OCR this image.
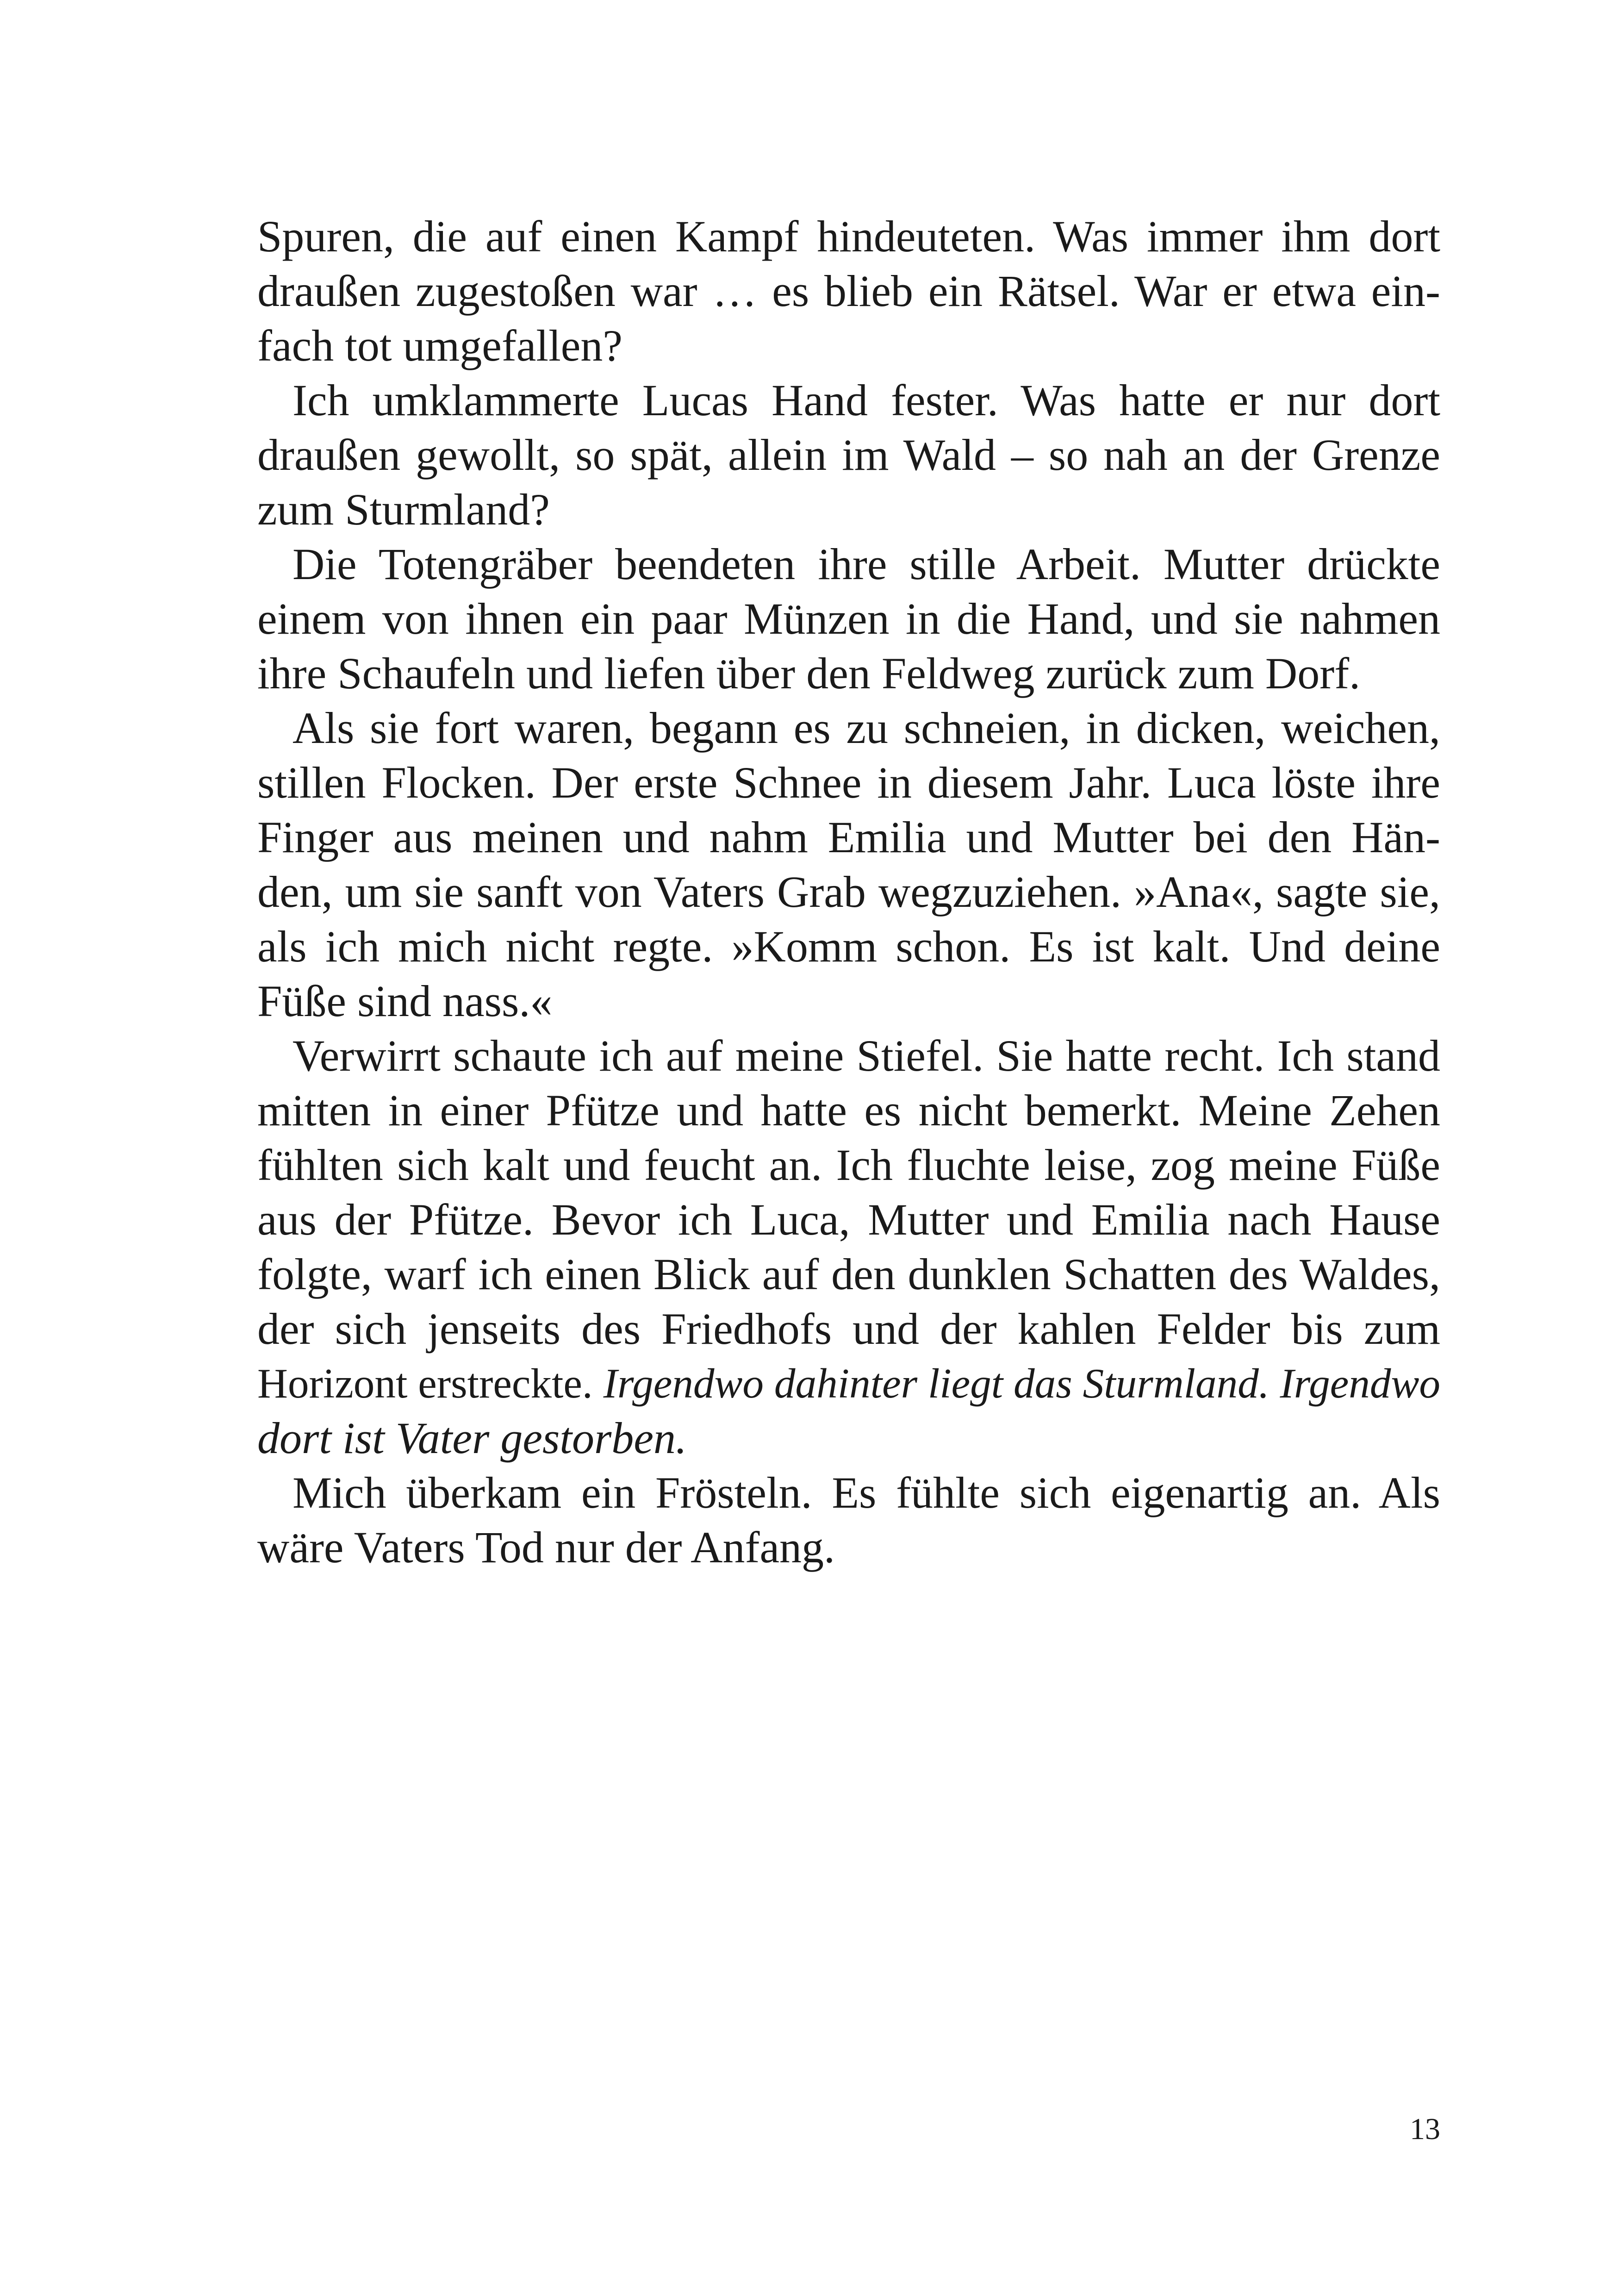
Spuren, die auf einen Kampf hindeuteten. Was immer ihm dort
draußen zugestoßen war … es blieb ein Rätsel. War er etwa ein-
fach tot umgefallen?

Ich umklammerte Lucas Hand fester. Was hatte er nur dort
draußen gewollt, so spät, allein im Wald – so nah an der Grenze
zum Sturmland?

Die Totengräber beendeten ihre stille Arbeit. Mutter drückte
einem von ihnen ein paar Münzen in die Hand, und sie nahmen
ihre Schaufeln und liefen über den Feldweg zurück zum Dorf.

Als sie fort waren, begann es zu schneien, in dicken, weichen,
stillen Flocken. Der erste Schnee in diesem Jahr. Luca löste ihre
Finger aus meinen und nahm Emilia und Mutter bei den Hän-
den, um sie sanft von Vaters Grab wegzuziehen. »Ana«, sagte sie,
als ich mich nicht regte. »Komm schon. Es ist kalt. Und deine
Füße sind nass.«

Verwirrt schaute ich auf meine Stiefel. Sie hatte recht. Ich stand
mitten in einer Pfütze und hatte es nicht bemerkt. Meine Zehen
fühlten sich kalt und feucht an. Ich fluchte leise, zog meine Füße
aus der Pfütze. Bevor ich Luca, Mutter und Emilia nach Hause
folgte, warf ich einen Blick auf den dunklen Schatten des Waldes,
der sich jenseits des Friedhofs und der kahlen Felder bis zum
Horizont erstreckte. Irgendwo dahinter liegt das Sturmland. Irgendwo
dort ist Vater gestorben.

Mich überkam ein Frösteln. Es fühlte sich eigenartig an. Als
wäre Vaters Tod nur der Anfang.

13
